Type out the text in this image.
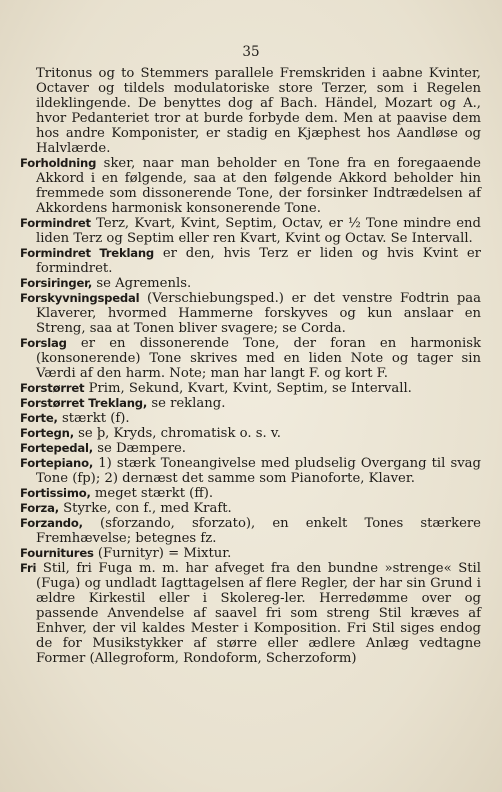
35

Tritonus og to Stemmers parallele Fremskriden i aabne Kvinter, Octaver og tildels modulatoriske store Terzer, som i Regelen ildeklingende. De benyttes dog af Bach. Händel, Mozart og A., hvor Pedanteriet tror at burde forbyde dem. Men at paavise dem hos andre Komponister, er stadig en Kjæphest hos Aandløse og Halvlærde.

Forholdning sker, naar man beholder en Tone fra en foregaaende Akkord i en følgende, saa at den følgende Akkord beholder hin fremmede som dissonerende Tone, der forsinker Indtrædelsen af Akkordens harmonisk konsonerende Tone.

Formindret Terz, Kvart, Kvint, Septim, Octav, er ½ Tone mindre end liden Terz og Septim eller ren Kvart, Kvint og Octav. Se Intervall.

Formindret Treklang er den, hvis Terz er liden og hvis Kvint er formindret.

Forsiringer, se Agremenls.

Forskyvningspedal (Verschiebungsped.) er det venstre Fodtrin paa Klaverer, hvormed Hammerne forskyves og kun anslaar en Streng, saa at Tonen bliver svagere; se Corda.

Forslag er en dissonerende Tone, der foran en harmonisk (konsonerende) Tone skrives med en liden Note og tager sin Værdi af den harm. Note; man har langt F. og kort F.

Forstørret Prim, Sekund, Kvart, Kvint, Septim, se Intervall.

Forstørret Treklang, se reklang.

Forte, stærkt (f).

Fortegn, se þ, Kryds, chromatisk o. s. v.

Fortepedal, se Dæmpere.

Fortepiano, 1) stærk Toneangivelse med pludselig Overgang til svag Tone (fp); 2) dernæst det samme som Pianoforte, Klaver.

Fortissimo, meget stærkt (ff).

Forza, Styrke, con f., med Kraft.

Forzando, (sforzando, sforzato), en enkelt Tones stærkere Fremhævelse; betegnes fz.

Fournitures (Furnityr) = Mixtur.

Fri Stil, fri Fuga m. m. har afveget fra den bundne »strenge« Stil (Fuga) og undladt Iagttagelsen af flere Regler, der har sin Grund i ældre Kirkestil eller i Skolereg-ler. Herredømme over og passende Anvendelse af saavel fri som streng Stil kræves af Enhver, der vil kaldes Mester i Komposition. Fri Stil siges endog de for Musikstykker af større eller ædlere Anlæg vedtagne Former (Allegroform, Rondoform, Scherzoform)
